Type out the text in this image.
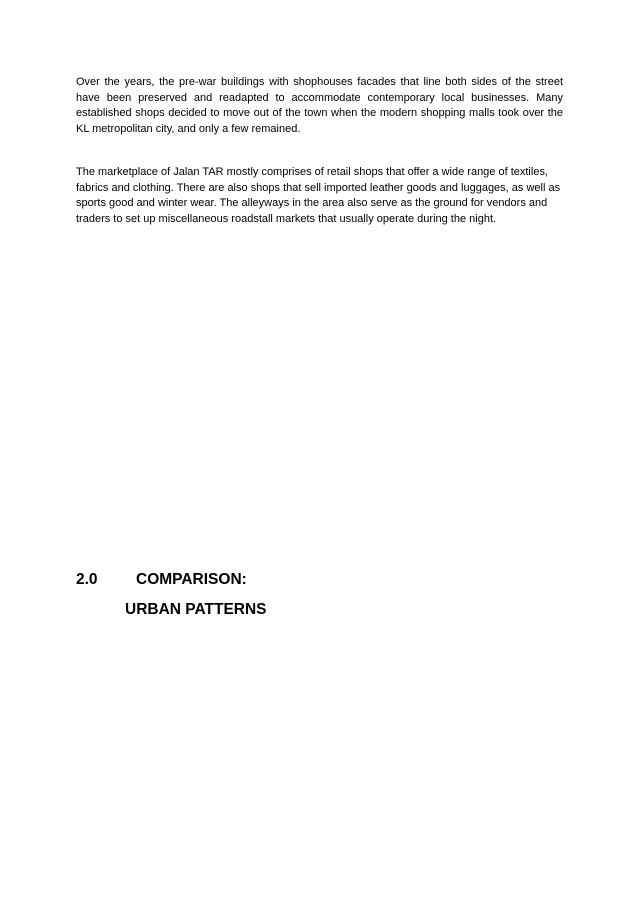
Over the years, the pre-war buildings with shophouses facades that line both sides of the street have been preserved and readapted to accommodate contemporary local businesses. Many established shops decided to move out of the town when the modern shopping malls took over the KL metropolitan city, and only a few remained.

The marketplace of Jalan TAR mostly comprises of retail shops that offer a wide range of textiles, fabrics and clothing. There are also shops that sell imported leather goods and luggages, as well as sports good and winter wear. The alleyways in the area also serve as the ground for vendors and traders to set up miscellaneous roadstall markets that usually operate during the night.

2.0 COMPARISON:
URBAN PATTERNS
